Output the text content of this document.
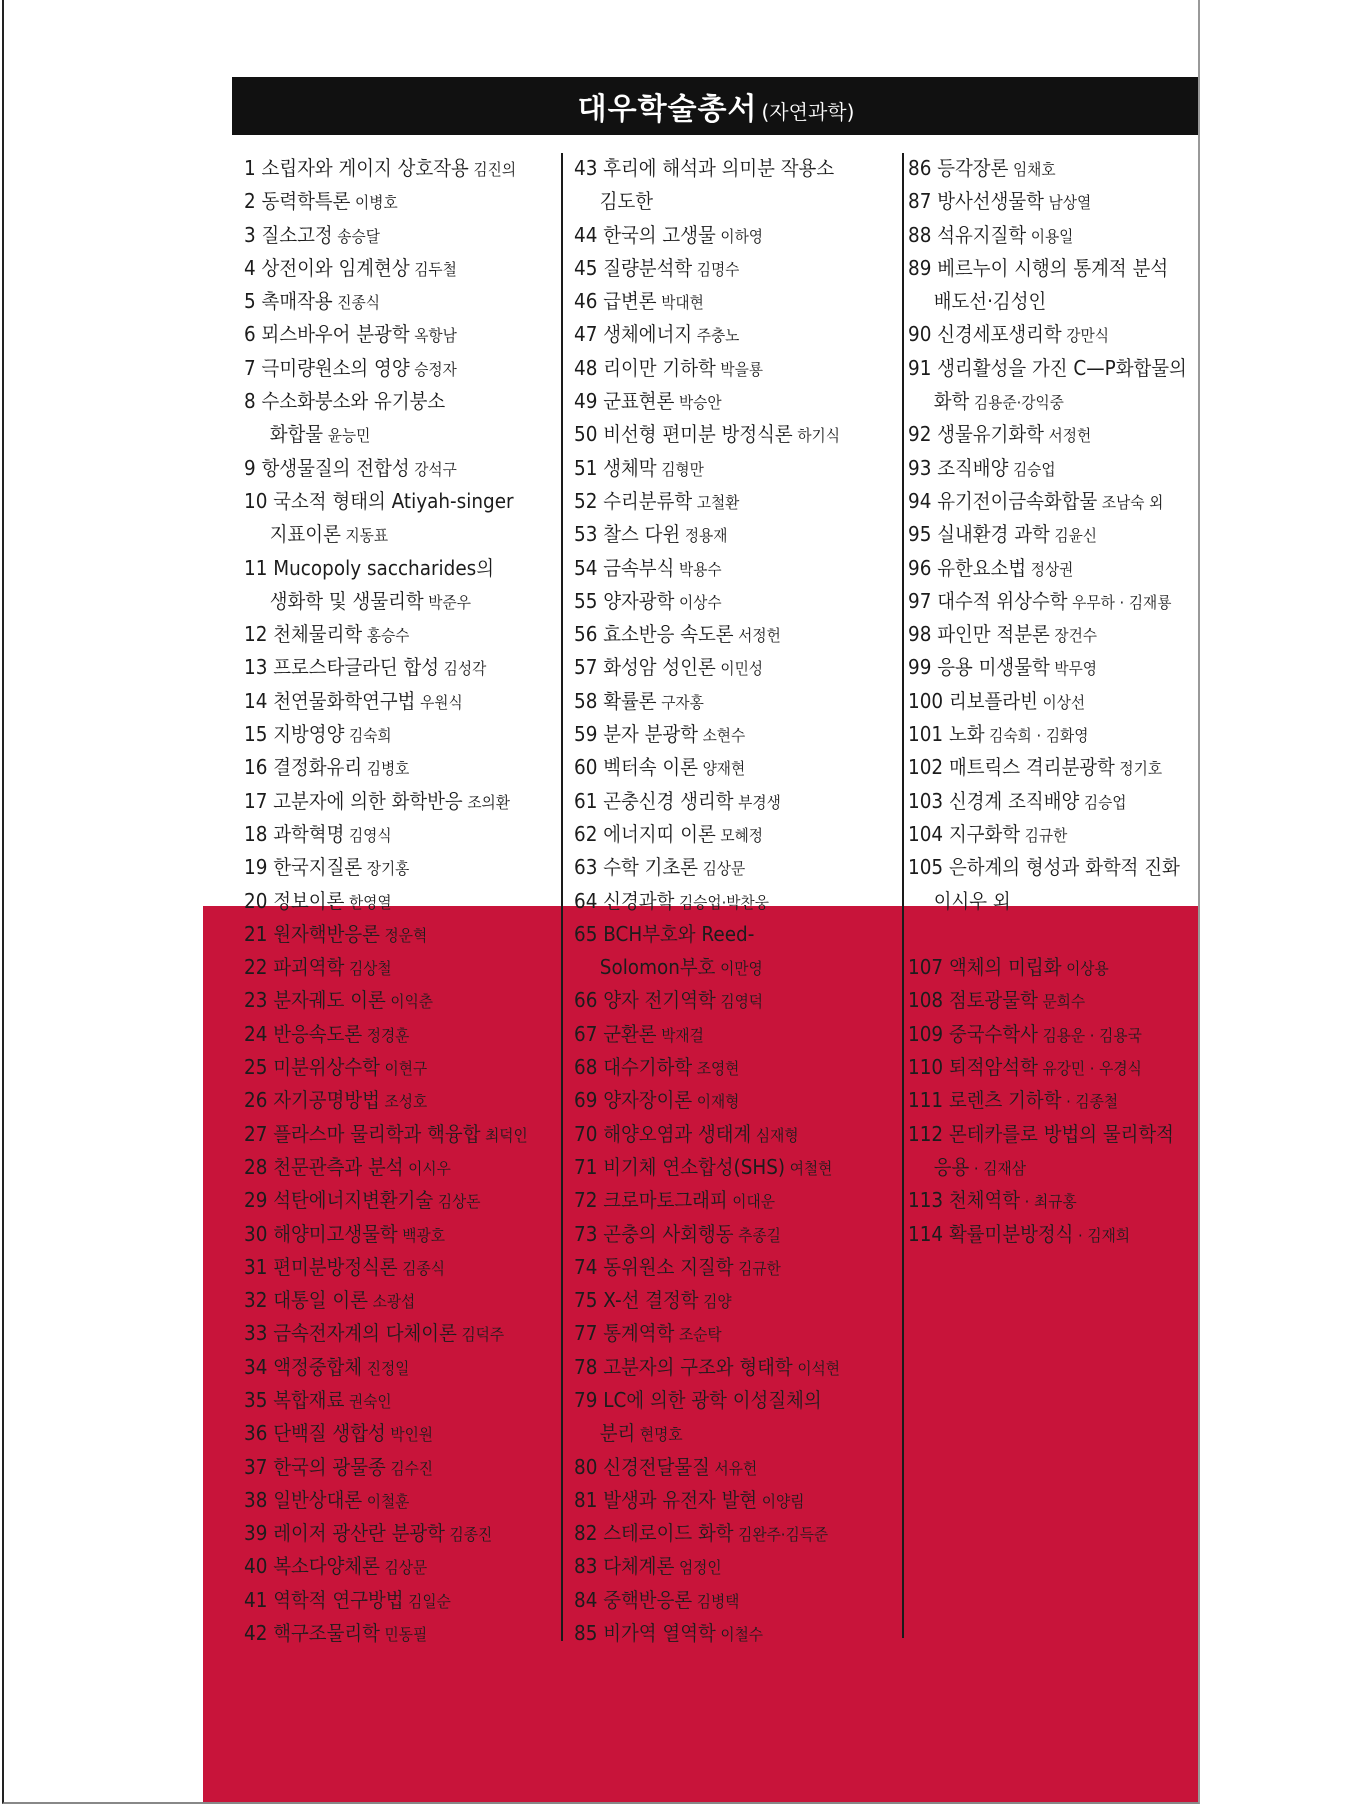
대우학술총서 (자연과학)
1 소립자와 게이지 상호작용 김진의
2 동력학특론 이병호
3 질소고정 송승달
4 상전이와 임계현상 김두철
5 촉매작용 진종식
6 뫼스바우어 분광학 옥항남
7 극미량원소의 영양 승정자
8 수소화붕소와 유기붕소
화합물 윤능민
9 항생물질의 전합성 강석구
10 국소적 형태의 Atiyah-singer
지표이론 지동표
11 Mucopoly saccharides의
생화학 및 생물리학 박준우
12 천체물리학 홍승수
13 프로스타글라딘 합성 김성각
14 천연물화학연구법 우원식
15 지방영양 김숙희
16 결정화유리 김병호
17 고분자에 의한 화학반응 조의환
18 과학혁명 김영식
19 한국지질론 장기홍
20 정보이론 한영열
21 원자핵반응론 정운혁
22 파괴역학 김상철
23 분자궤도 이론 이익춘
24 반응속도론 정경훈
25 미분위상수학 이현구
26 자기공명방법 조성호
27 플라스마 물리학과 핵융합 최덕인
28 천문관측과 분석 이시우
29 석탄에너지변환기술 김상돈
30 해양미고생물학 백광호
31 편미분방정식론 김종식
32 대통일 이론 소광섭
33 금속전자계의 다체이론 김덕주
34 액정중합체 진정일
35 복합재료 권숙인
36 단백질 생합성 박인원
37 한국의 광물종 김수진
38 일반상대론 이철훈
39 레이저 광산란 분광학 김종진
40 복소다양체론 김상문
41 역학적 연구방법 김일순
42 핵구조물리학 민동필
43 후리에 해석과 의미분 작용소
김도한
44 한국의 고생물 이하영
45 질량분석학 김명수
46 급변론 박대현
47 생체에너지 주충노
48 리이만 기하학 박을룡
49 군표현론 박승안
50 비선형 편미분 방정식론 하기식
51 생체막 김형만
52 수리분류학 고철환
53 찰스 다윈 정용재
54 금속부식 박용수
55 양자광학 이상수
56 효소반응 속도론 서정헌
57 화성암 성인론 이민성
58 확률론 구자홍
59 분자 분광학 소현수
60 벡터속 이론 양재현
61 곤충신경 생리학 부경생
62 에너지띠 이론 모혜정
63 수학 기초론 김상문
64 신경과학 김승업·박찬웅
65 BCH부호와 Reed-
Solomon부호 이만영
66 양자 전기역학 김영덕
67 군환론 박재걸
68 대수기하학 조영현
69 양자장이론 이재형
70 해양오염과 생태계 심재형
71 비기체 연소합성(SHS) 여철현
72 크로마토그래피 이대운
73 곤충의 사회행동 추종길
74 동위원소 지질학 김규한
75 X-선 결정학 김양
77 통계역학 조순탁
78 고분자의 구조와 형태학 이석현
79 LC에 의한 광학 이성질체의
분리 현명호
80 신경전달물질 서유헌
81 발생과 유전자 발현 이양림
82 스테로이드 화학 김완주·김득준
83 다체계론 엄정인
84 중핵반응론 김병택
85 비가역 열역학 이철수
86 등각장론 임채호
87 방사선생물학 남상열
88 석유지질학 이용일
89 베르누이 시행의 통계적 분석
배도선·김성인
90 신경세포생리학 강만식
91 생리활성을 가진 C—P화합물의
화학 김용준·강익중
92 생물유기화학 서정헌
93 조직배양 김승업
94 유기전이금속화합물 조남숙 외
95 실내환경 과학 김윤신
96 유한요소법 정상권
97 대수적 위상수학 우무하 · 김재룡
98 파인만 적분론 장건수
99 응용 미생물학 박무영
100 리보플라빈 이상선
101 노화 김숙희 · 김화영
102 매트릭스 격리분광학 정기호
103 신경계 조직배양 김승업
104 지구화학 김규한
105 은하계의 형성과 화학적 진화
이시우 외
107 액체의 미립화 이상용
108 점토광물학 문희수
109 중국수학사 김용운 · 김용국
110 퇴적암석학 유강민 · 우경식
111 로렌츠 기하학 · 김종철
112 몬테카를로 방법의 물리학적
응용 · 김재삼
113 천체역학 · 최규홍
114 확률미분방정식 · 김재희
